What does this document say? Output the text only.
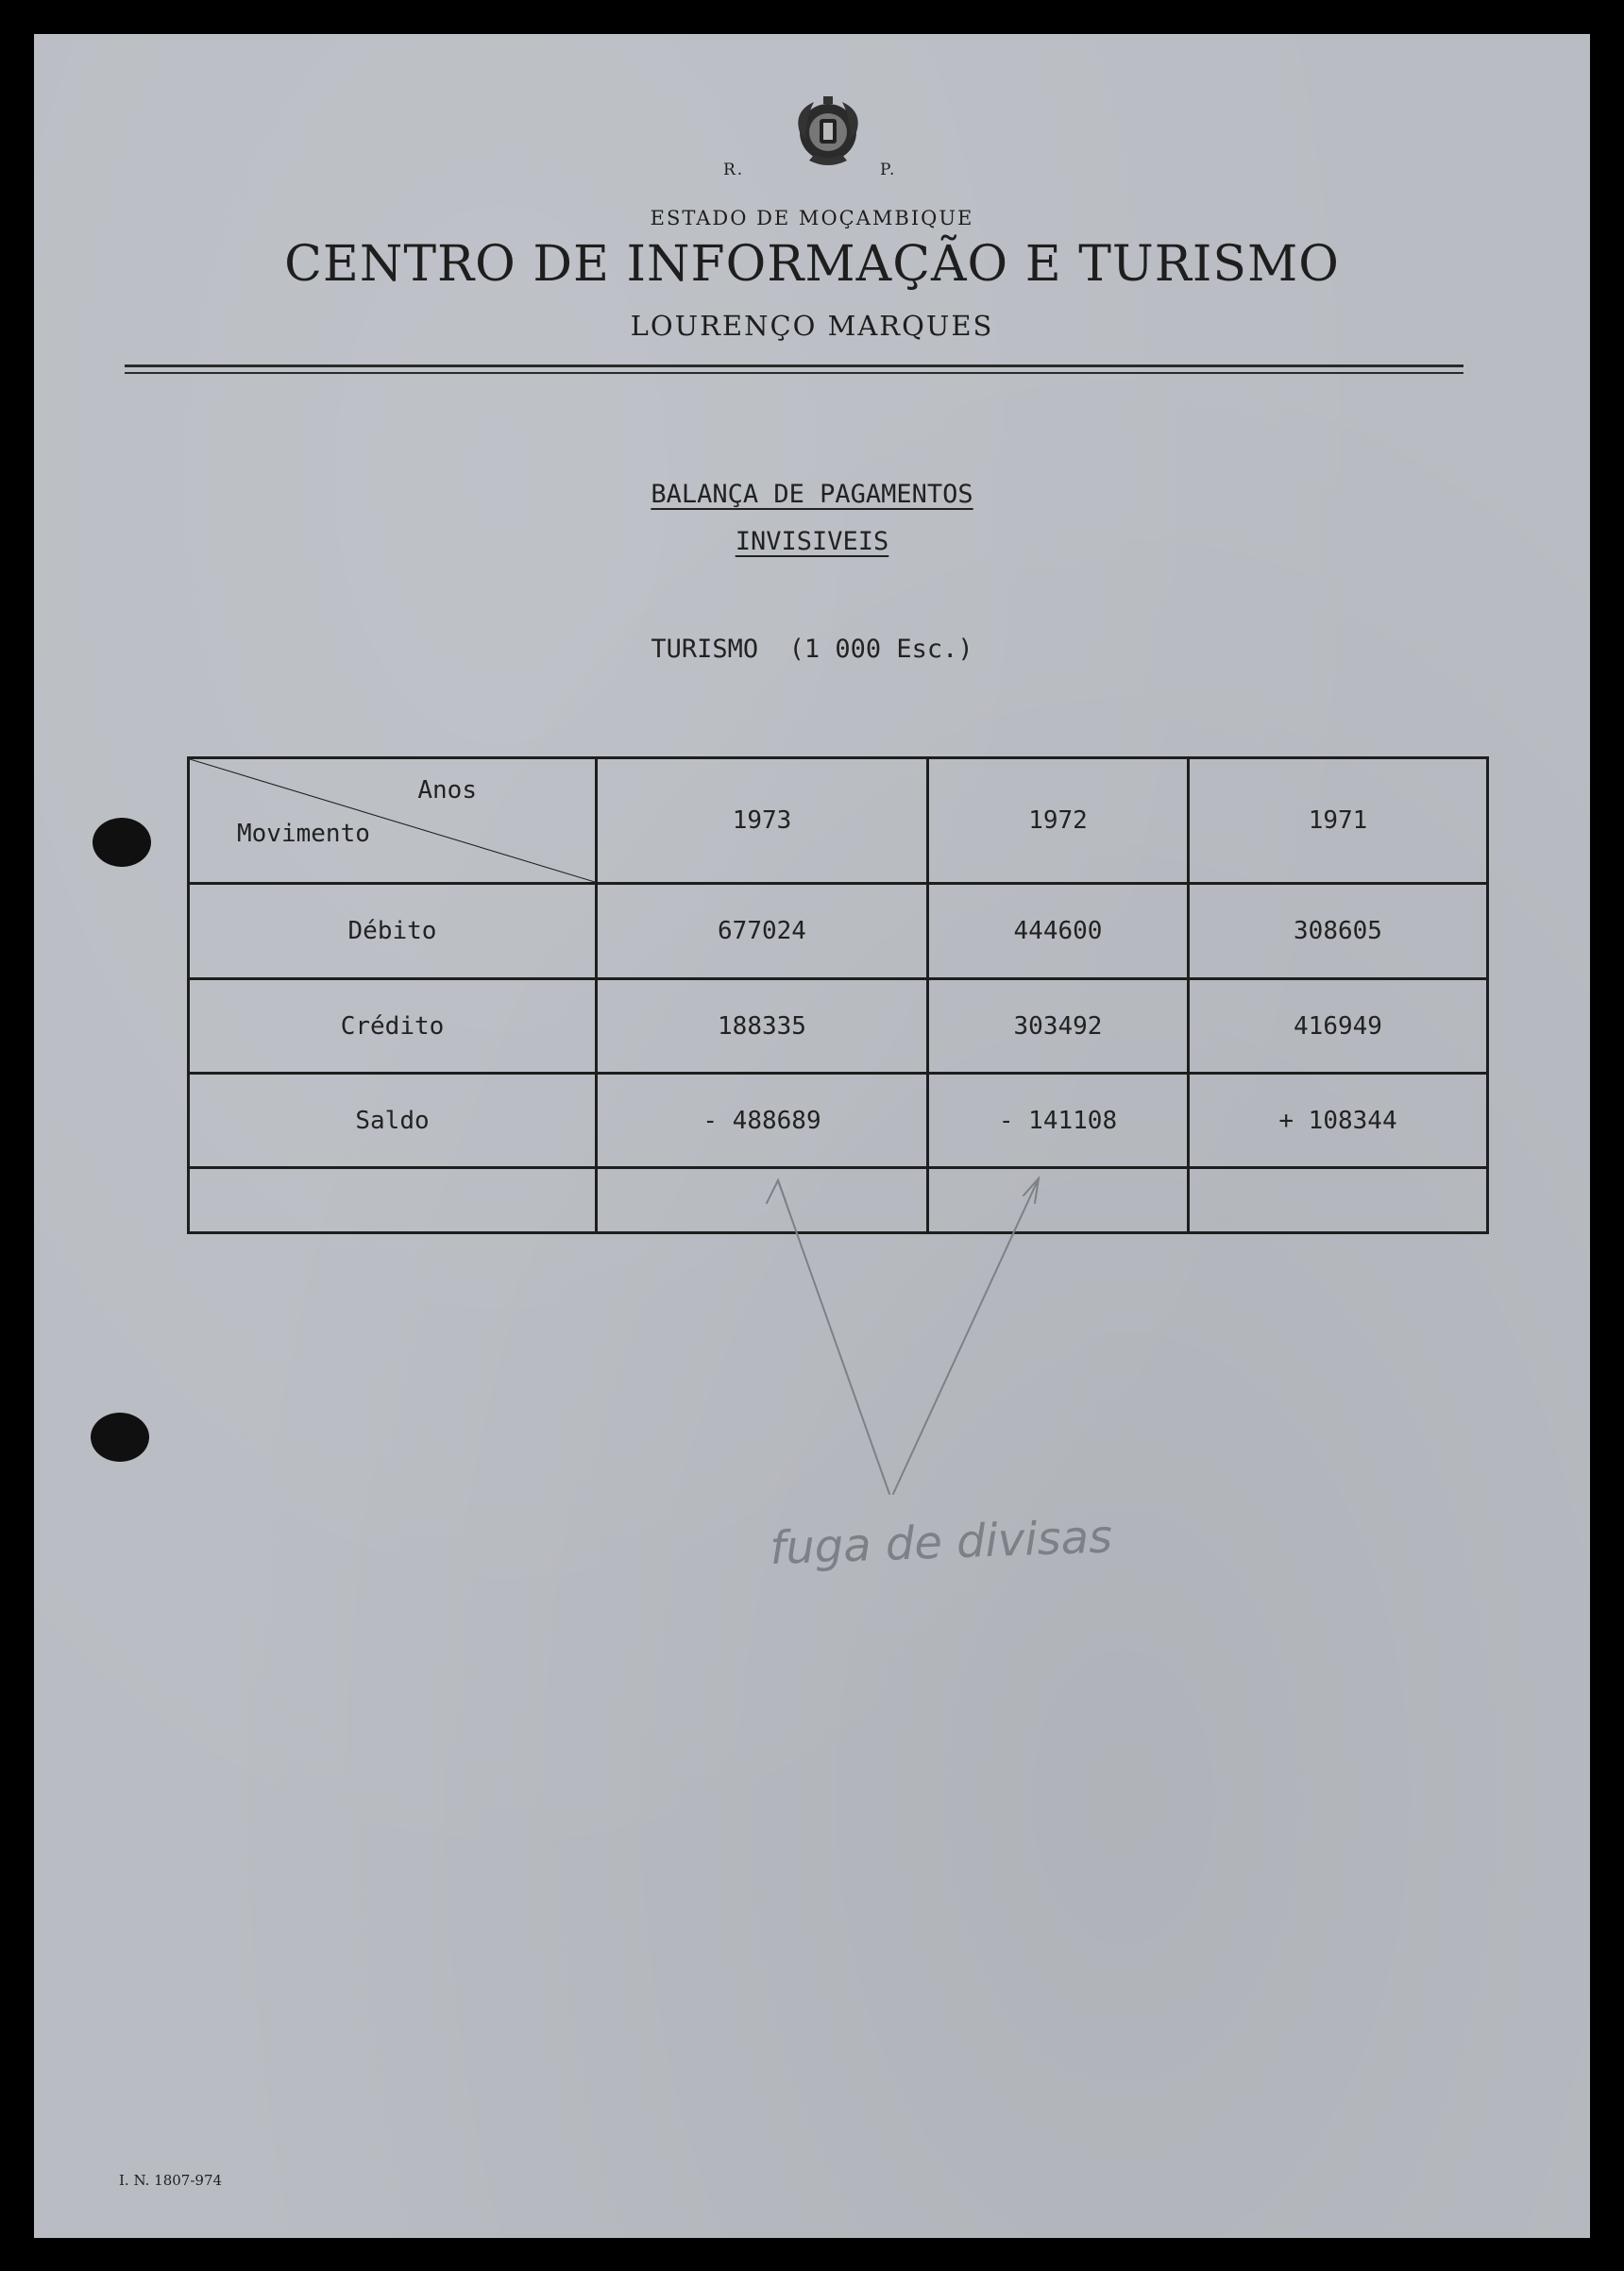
R.	P.
ESTADO DE MOÇAMBIQUE
CENTRO DE INFORMAÇÃO E TURISMO
LOURENÇO MARQUES
BALANÇA DE PAGAMENTOS
INVISIVEIS
TURISMO  (1 000 Esc.)
Anos
Movimento	1973	1972	1971
Débito	677024	444600	308605
Crédito	188335	303492	416949
Saldo	- 488689	- 141108	+ 108344

fuga de divisas
I. N. 1807-974
